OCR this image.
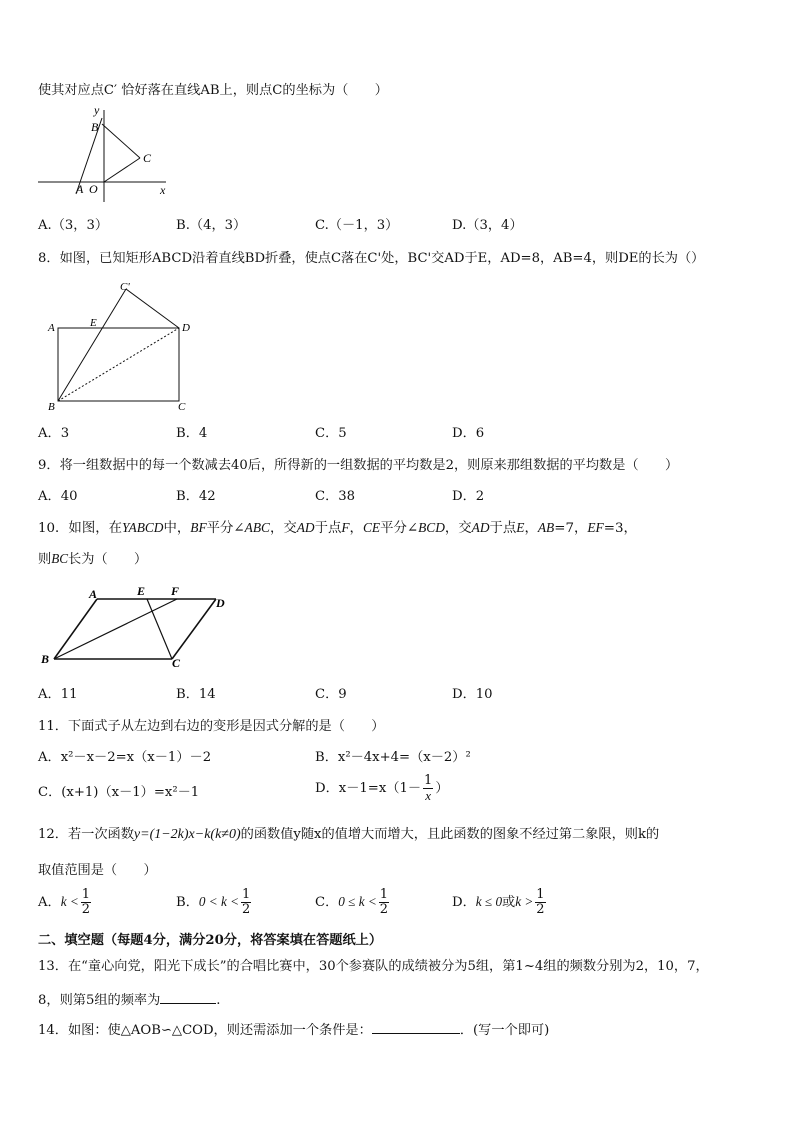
使其对应点C′ 恰好落在直线AB上，则点C的坐标为（　　）
y
B
C
A O	x
A.（3，3）	B.（4，3）	C.（－1，3）	D.（3，4）
8．如图，已知矩形ABCD沿着直线BD折叠，使点C落在C'处，BC'交AD于E，AD=8，AB=4，则DE的长为（）
C'
A	E	D
B	C
A．3	B．4	C．5	D．6
9．将一组数据中的每一个数减去40后，所得新的一组数据的平均数是2，则原来那组数据的平均数是（　　）
A．40	B．42	C．38	D．2
10．如图，在YABCD中，BF平分∠ABC，交AD于点F，CE平分∠BCD，交AD于点E，AB=7，EF=3，
则BC长为（　　）
A	E F
D
B	C
A．11	B．14	C．9	D．10
11．下面式子从左边到右边的变形是因式分解的是（　　）
A．x²－x－2=x（x－1）－2	B．x²－4x+4=（x－2）²
C．(x+1)（x－1）=x²－1	D．$x-1=x(1- \frac{1}{x}$ ）
12．若一次函数y=(1−2k)x−k(k≠0)的函数值y随x的值增大而增大，且此函数的图象不经过第二象限，则k的
取值范围是（　　）
A．$k < \frac{1}{2}$	B．$0 < k < \frac{1}{2}$	C．$0 \le k < \frac{1}{2}$	D．k ≤ 0或$k > \frac{1}{2}$
二、填空题（每题4分，满分20分，将答案填在答题纸上）
13．在“童心向党，阳光下成长”的合唱比赛中，30个参赛队的成绩被分为5组，第1~4组的频数分别为2，10，7，
8，则第5组的频率为	.
14．如图：使△AOB∽△COD，则还需添加一个条件是：	．(写一个即可)
